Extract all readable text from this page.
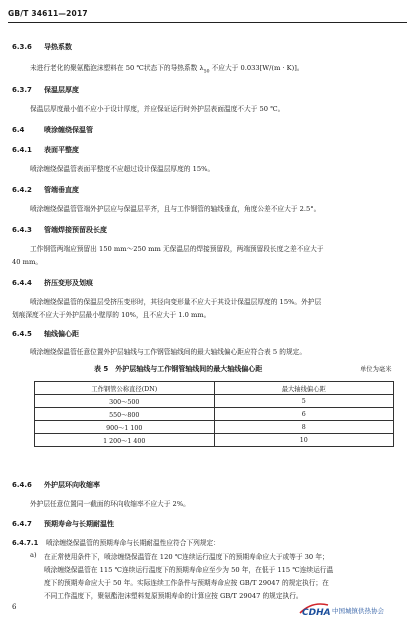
GB/T 34611—2017
6.3.6 导热系数
未进行老化的聚氨酯泡沫塑料在 50 ℃状态下的导热系数 $\lambda_{50}$ 不应大于 0.033[W/(m · K)]。
6.3.7 保温层厚度
保温层厚度最小值不应小于设计厚度，并应保证运行时外护层表面温度不大于 50 ℃。
6.4	喷涂缠绕保温管
6.4.1 表面平整度
喷涂缠绕保温管表面平整度不应超过设计保温层厚度的 15%。
6.4.2 管端垂直度
喷涂缠绕保温管管端外护层应与保温层平齐，且与工作钢管的轴线垂直，角度公差不应大于 2.5°。
6.4.3 管端焊接预留段长度
工作钢管两端应预留出 150 mm～250 mm 无保温层的焊接预留段，两端预留段长度之差不应大于
40 mm。
6.4.4 挤压变形及划痕
喷涂缠绕保温管的保温层受挤压变形时，其径向变形量不应大于其设计保温层厚度的 15%。外护层
划痕深度不应大于外护层最小壁厚的 10%，且不应大于 1.0 mm。
6.4.5 轴线偏心距
喷涂缠绕保温管任意位置外护层轴线与工作钢管轴线间的最大轴线偏心距应符合表 5 的规定。
表 5　外护层轴线与工作钢管轴线间的最大轴线偏心距	单位为毫米
工作钢管公称直径(DN)	最大轴线偏心距
300～500	5
550～800	6
900～1 100	8
1 200～1 400	10
6.4.6 外护层环向收缩率
外护层任意位置同一截面的环向收缩率不应大于 2%。
6.4.7 预期寿命与长期耐温性
6.4.7.1 喷涂缠绕保温管的预期寿命与长期耐温性应符合下列规定：
a) 在正常使用条件下，喷涂缠绕保温管在 120 ℃连续运行温度下的预期寿命应大于或等于 30 年；
喷涂缠绕保温管在 115 ℃连续运行温度下的预期寿命应至少为 50 年，在低于 115 ℃连续运行温
度下的预期寿命应大于 50 年。实际连续工作条件与预期寿命应按 GB/T 29047 的规定执行；在
不同工作温度下，聚氨酯泡沫塑料复原预期寿命的计算应按 GB/T 29047 的规定执行。
6
CDHA 中国城镇供热协会
